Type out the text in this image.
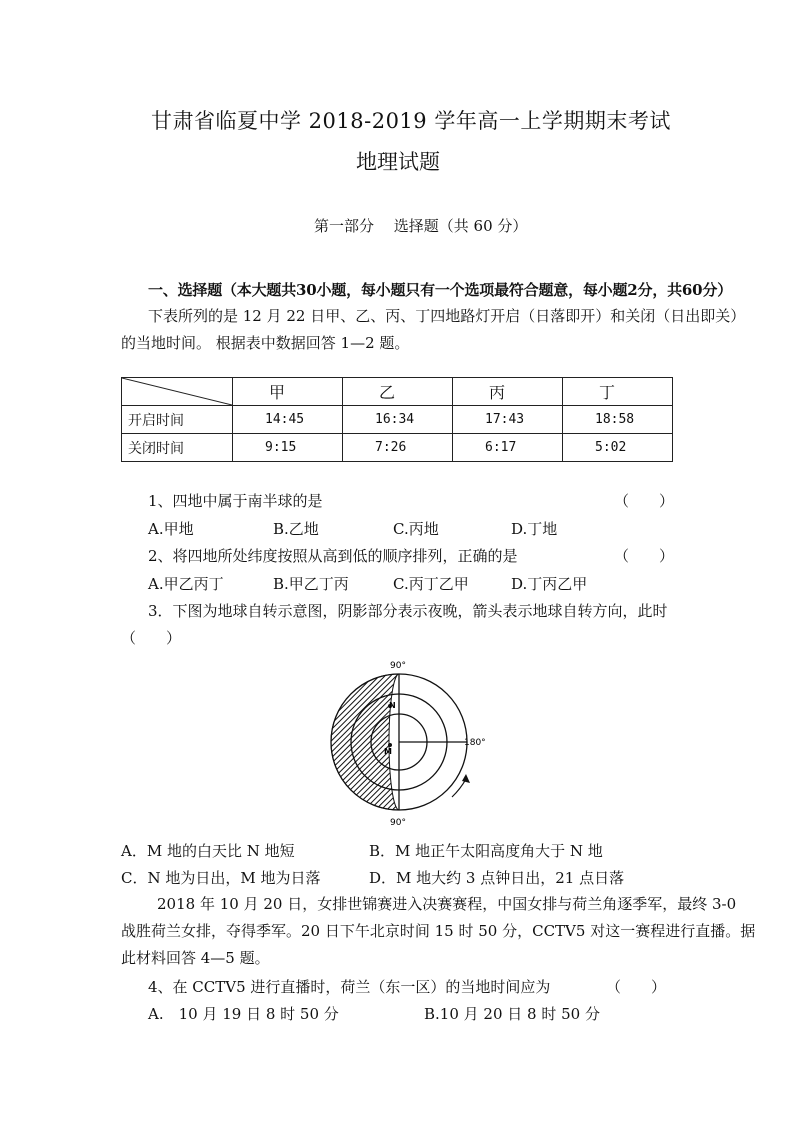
甘肃省临夏中学 2018-2019 学年高一上学期期末考试
地理试题
第一部分　 选择题（共 60 分）
一、选择题（本大题共30小题，每小题只有一个选项最符合题意，每小题2分，共60分）
下表所列的是 12 月 22 日甲、乙、丙、丁四地路灯开启（日落即开）和关闭（日出即关）
的当地时间。 根据表中数据回答 1—2 题。
	甲	乙	丙	丁
开启时间	14:45	16:34	17:43	18:58
关闭时间	9:15	7:26	6:17	5:02
1、四地中属于南半球的是	（　　）
A.甲地	B.乙地	C.丙地	D.丁地
2、将四地所处纬度按照从高到低的顺序排列，正确的是	（　　）
A.甲乙丙丁	B.甲乙丁丙	C.丙丁乙甲	D.丁丙乙甲
3．下图为地球自转示意图，阴影部分表示夜晚，箭头表示地球自转方向，此时
（　　）
90°
90°
180°
N
M
A．M 地的白天比 N 地短	B．M 地正午太阳高度角大于 N 地
C．N 地为日出，M 地为日落	D．M 地大约 3 点钟日出，21 点日落
2018 年 10 月 20 日，女排世锦赛进入决赛赛程，中国女排与荷兰角逐季军，最终 3-0
战胜荷兰女排，夺得季军。20 日下午北京时间 15 时 50 分，CCTV5 对这一赛程进行直播。据
此材料回答 4—5 题。
4、在 CCTV5 进行直播时，荷兰（东一区）的当地时间应为	（　　）
A.　10 月 19 日 8 时 50 分	B.10 月 20 日 8 时 50 分
